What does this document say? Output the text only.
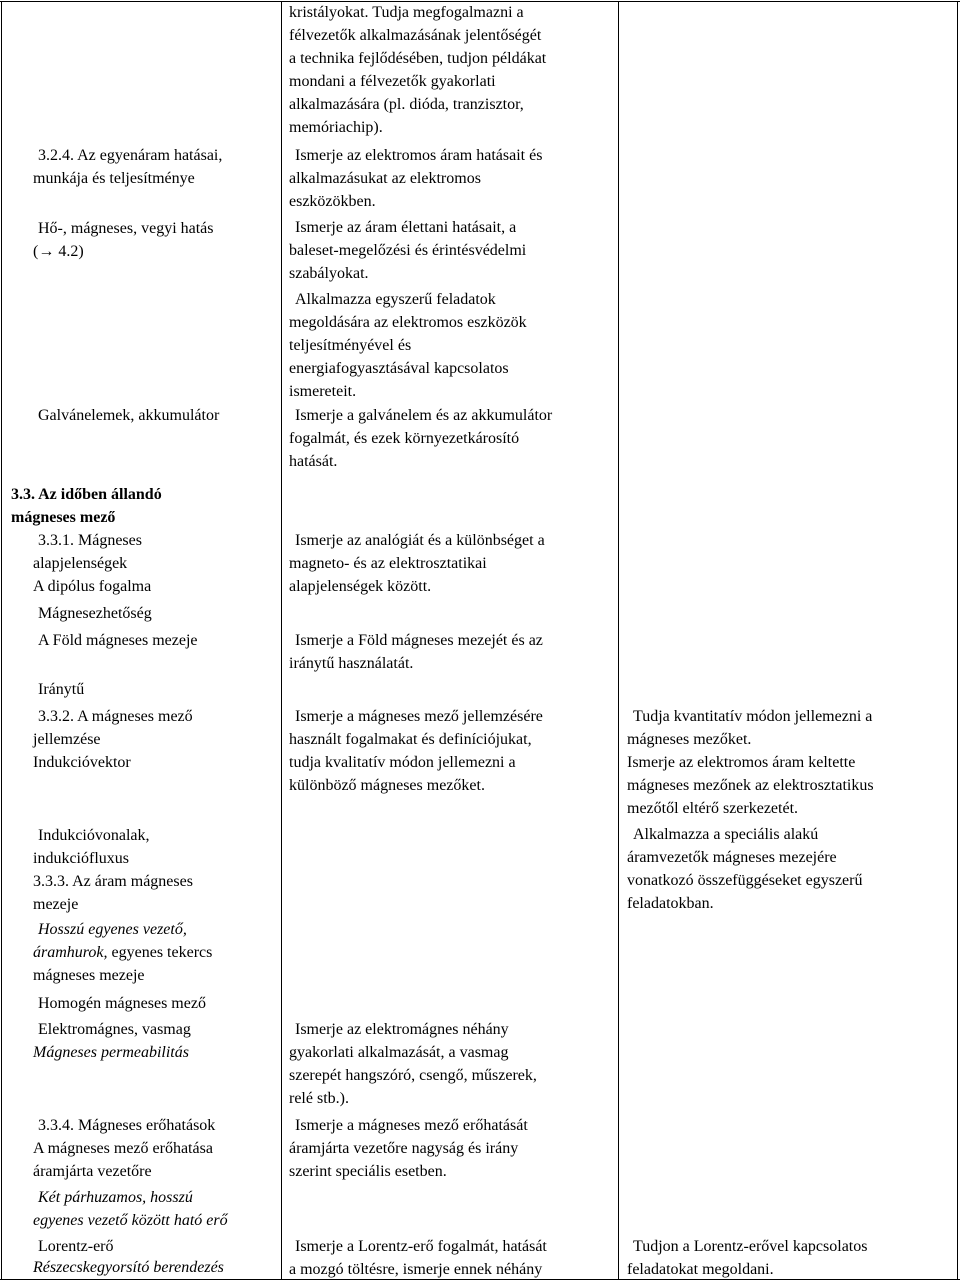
3.2.4. Az egyenáram hatásai,
munkája és teljesítménye
Hő-, mágneses, vegyi hatás
(→ 4.2)
Galvánelemek, akkumulátor
3.3. Az időben állandó
mágneses mező
3.3.1. Mágneses
alapjelenségek
A dipólus fogalma
Mágnesezhetőség
A Föld mágneses mezeje
Iránytű
3.3.2. A mágneses mező
jellemzése
Indukcióvektor
Indukcióvonalak,
indukciófluxus
3.3.3. Az áram mágneses
mezeje
Hosszú egyenes vezető,
áramhurok, egyenes tekercs
mágneses mezeje
Homogén mágneses mező
Elektromágnes, vasmag
Mágneses permeabilitás
3.3.4. Mágneses erőhatások
A mágneses mező erőhatása
áramjárta vezetőre
Két párhuzamos, hosszú
egyenes vezető között ható erő
Lorentz-erő
Részecskegyorsító berendezés
kristályokat. Tudja megfogalmazni a
félvezetők alkalmazásának jelentőségét
a technika fejlődésében, tudjon példákat
mondani a félvezetők gyakorlati
alkalmazására (pl. dióda, tranzisztor,
memóriachip).
Ismerje az elektromos áram hatásait és
alkalmazásukat az elektromos
eszközökben.
Ismerje az áram élettani hatásait, a
baleset-megelőzési és érintésvédelmi
szabályokat.
Alkalmazza egyszerű feladatok
megoldására az elektromos eszközök
teljesítményével és
energiafogyasztásával kapcsolatos
ismereteit.
Ismerje a galvánelem és az akkumulátor
fogalmát, és ezek környezetkárosító
hatását.
Ismerje az analógiát és a különbséget a
magneto- és az elektrosztatikai
alapjelenségek között.
Ismerje a Föld mágneses mezejét és az
iránytű használatát.
Ismerje a mágneses mező jellemzésére
használt fogalmakat és definíciójukat,
tudja kvalitatív módon jellemezni a
különböző mágneses mezőket.
Ismerje az elektromágnes néhány
gyakorlati alkalmazását, a vasmag
szerepét hangszóró, csengő, műszerek,
relé stb.).
Ismerje a mágneses mező erőhatását
áramjárta vezetőre nagyság és irány
szerint speciális esetben.
Ismerje a Lorentz-erő fogalmát, hatását
a mozgó töltésre, ismerje ennek néhány
Tudja kvantitatív módon jellemezni a
mágneses mezőket.
Ismerje az elektromos áram keltette
mágneses mezőnek az elektrosztatikus
mezőtől eltérő szerkezetét.
Alkalmazza a speciális alakú
áramvezetők mágneses mezejére
vonatkozó összefüggéseket egyszerű
feladatokban.
Tudjon a Lorentz-erővel kapcsolatos
feladatokat megoldani.
